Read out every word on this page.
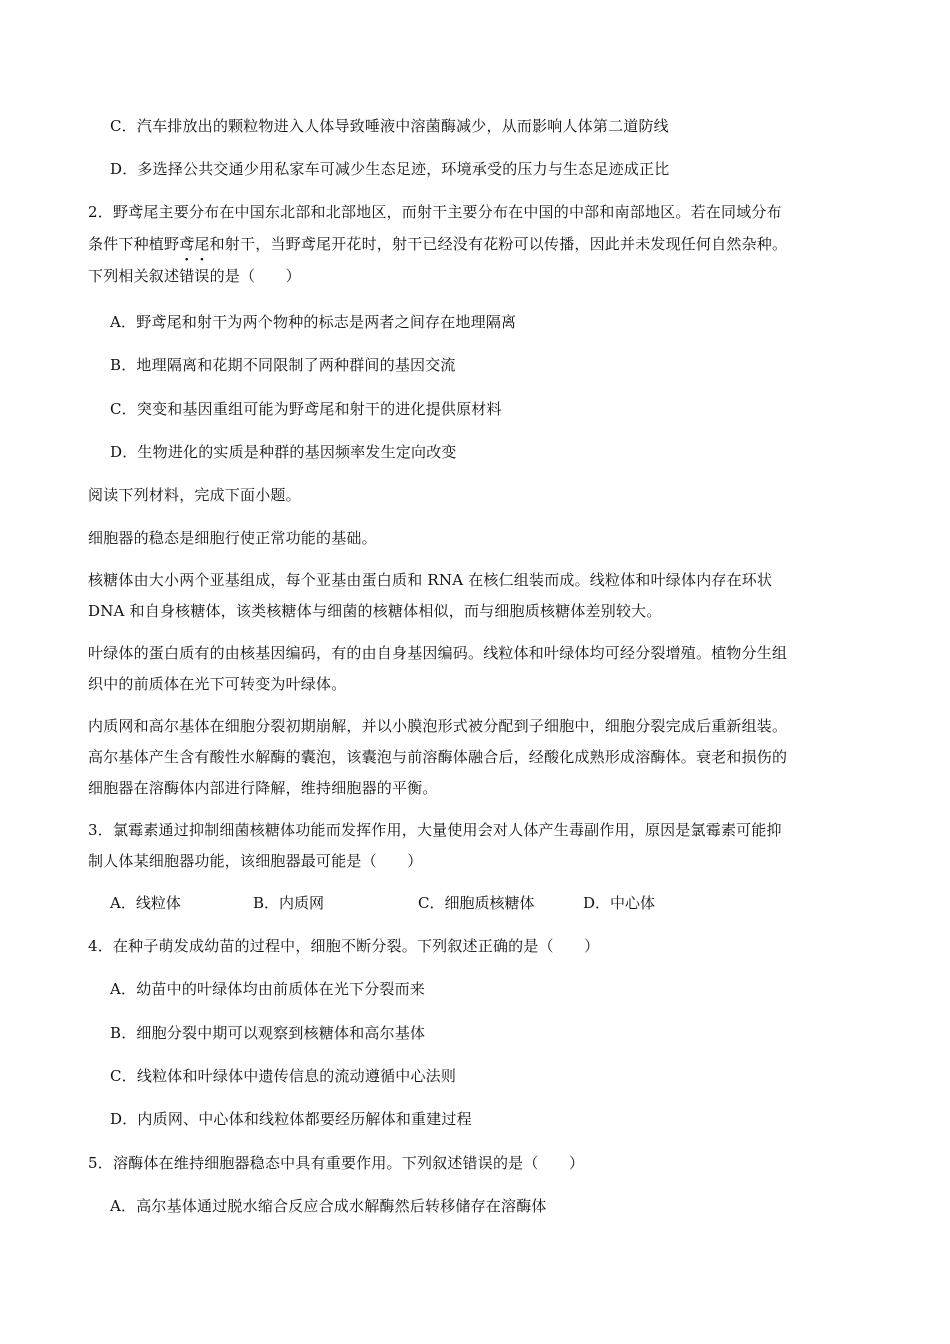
C．汽车排放出的颗粒物进入人体导致唾液中溶菌酶减少，从而影响人体第二道防线
D．多选择公共交通少用私家车可减少生态足迹，环境承受的压力与生态足迹成正比
2．野鸢尾主要分布在中国东北部和北部地区，而射干主要分布在中国的中部和南部地区。若在同域分布
条件下种植野鸢尾和射干，当野鸢尾开花时，射干已经没有花粉可以传播，因此并未发现任何自然杂种。
下列相关叙述错误的是（　　）
A．野鸢尾和射干为两个物种的标志是两者之间存在地理隔离
B．地理隔离和花期不同限制了两种群间的基因交流
C．突变和基因重组可能为野鸢尾和射干的进化提供原材料
D．生物进化的实质是种群的基因频率发生定向改变
阅读下列材料，完成下面小题。
细胞器的稳态是细胞行使正常功能的基础。
核糖体由大小两个亚基组成，每个亚基由蛋白质和 RNA 在核仁组装而成。线粒体和叶绿体内存在环状
DNA 和自身核糖体，该类核糖体与细菌的核糖体相似，而与细胞质核糖体差别较大。
叶绿体的蛋白质有的由核基因编码，有的由自身基因编码。线粒体和叶绿体均可经分裂增殖。植物分生组
织中的前质体在光下可转变为叶绿体。
内质网和高尔基体在细胞分裂初期崩解，并以小膜泡形式被分配到子细胞中，细胞分裂完成后重新组装。
高尔基体产生含有酸性水解酶的囊泡，该囊泡与前溶酶体融合后，经酸化成熟形成溶酶体。衰老和损伤的
细胞器在溶酶体内部进行降解，维持细胞器的平衡。
3．氯霉素通过抑制细菌核糖体功能而发挥作用，大量使用会对人体产生毒副作用，原因是氯霉素可能抑
制人体某细胞器功能，该细胞器最可能是（　　）
A．线粒体	B．内质网	C．细胞质核糖体	D．中心体
4．在种子萌发成幼苗的过程中，细胞不断分裂。下列叙述正确的是（　　）
A．幼苗中的叶绿体均由前质体在光下分裂而来
B．细胞分裂中期可以观察到核糖体和高尔基体
C．线粒体和叶绿体中遗传信息的流动遵循中心法则
D．内质网、中心体和线粒体都要经历解体和重建过程
5．溶酶体在维持细胞器稳态中具有重要作用。下列叙述错误的是（　　）
A．高尔基体通过脱水缩合反应合成水解酶然后转移储存在溶酶体
